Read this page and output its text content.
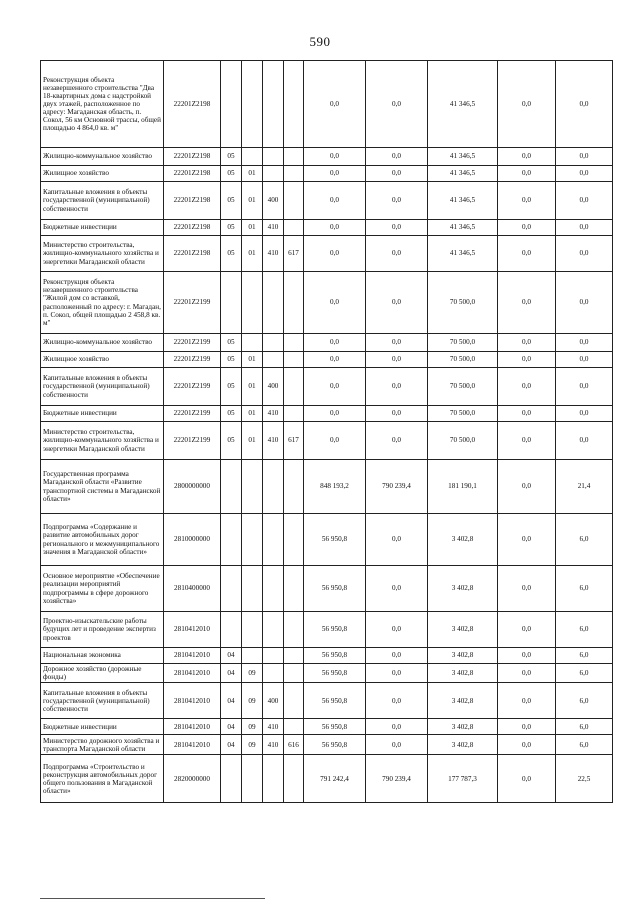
590
Реконструкция объекта незавершенного строительства "Два 18-квартирных дома с надстройкой двух этажей, расположенное по адресу: Магаданская область, п. Сокол, 56 км Основной трассы, общей площадью 4 864,0 кв. м"	22201Z2198					0,0	0,0	41 346,5	0,0	0,0
Жилищно-коммунальное хозяйство	22201Z2198	05				0,0	0,0	41 346,5	0,0	0,0
Жилищное хозяйство	22201Z2198	05	01			0,0	0,0	41 346,5	0,0	0,0
Капитальные вложения в объекты государственной (муниципальной) собственности	22201Z2198	05	01	400		0,0	0,0	41 346,5	0,0	0,0
Бюджетные инвестиции	22201Z2198	05	01	410		0,0	0,0	41 346,5	0,0	0,0
Министерство строительства, жилищно-коммунального хозяйства и энергетики Магаданской области	22201Z2198	05	01	410	617	0,0	0,0	41 346,5	0,0	0,0
Реконструкция объекта незавершенного строительства "Жилой дом со вставкой, расположенный по адресу: г. Магадан, п. Сокол, общей площадью 2 458,8 кв. м"	22201Z2199					0,0	0,0	70 500,0	0,0	0,0
Жилищно-коммунальное хозяйство	22201Z2199	05				0,0	0,0	70 500,0	0,0	0,0
Жилищное хозяйство	22201Z2199	05	01			0,0	0,0	70 500,0	0,0	0,0
Капитальные вложения в объекты государственной (муниципальной) собственности	22201Z2199	05	01	400		0,0	0,0	70 500,0	0,0	0,0
Бюджетные инвестиции	22201Z2199	05	01	410		0,0	0,0	70 500,0	0,0	0,0
Министерство строительства, жилищно-коммунального хозяйства и энергетики Магаданской области	22201Z2199	05	01	410	617	0,0	0,0	70 500,0	0,0	0,0
Государственная программа Магаданской области «Развитие транспортной системы в Магаданской области»	2800000000					848 193,2	790 239,4	181 190,1	0,0	21,4
Подпрограмма «Содержание и развитие автомобильных дорог регионального и межмуниципального значения в Магаданской области»	2810000000					56 950,8	0,0	3 402,8	0,0	6,0
Основное мероприятие «Обеспечение реализации мероприятий подпрограммы в сфере дорожного хозяйства»	2810400000					56 950,8	0,0	3 402,8	0,0	6,0
Проектно-изыскательские работы будущих лет и проведение экспертиз проектов	2810412010					56 950,8	0,0	3 402,8	0,0	6,0
Национальная экономика	2810412010	04				56 950,8	0,0	3 402,8	0,0	6,0
Дорожное хозяйство (дорожные фонды)	2810412010	04	09			56 950,8	0,0	3 402,8	0,0	6,0
Капитальные вложения в объекты государственной (муниципальной) собственности	2810412010	04	09	400		56 950,8	0,0	3 402,8	0,0	6,0
Бюджетные инвестиции	2810412010	04	09	410		56 950,8	0,0	3 402,8	0,0	6,0
Министерство дорожного хозяйства и транспорта Магаданской области	2810412010	04	09	410	616	56 950,8	0,0	3 402,8	0,0	6,0
Подпрограмма «Строительство и реконструкция автомобильных дорог общего пользования в Магаданской области»	2820000000					791 242,4	790 239,4	177 787,3	0,0	22,5
